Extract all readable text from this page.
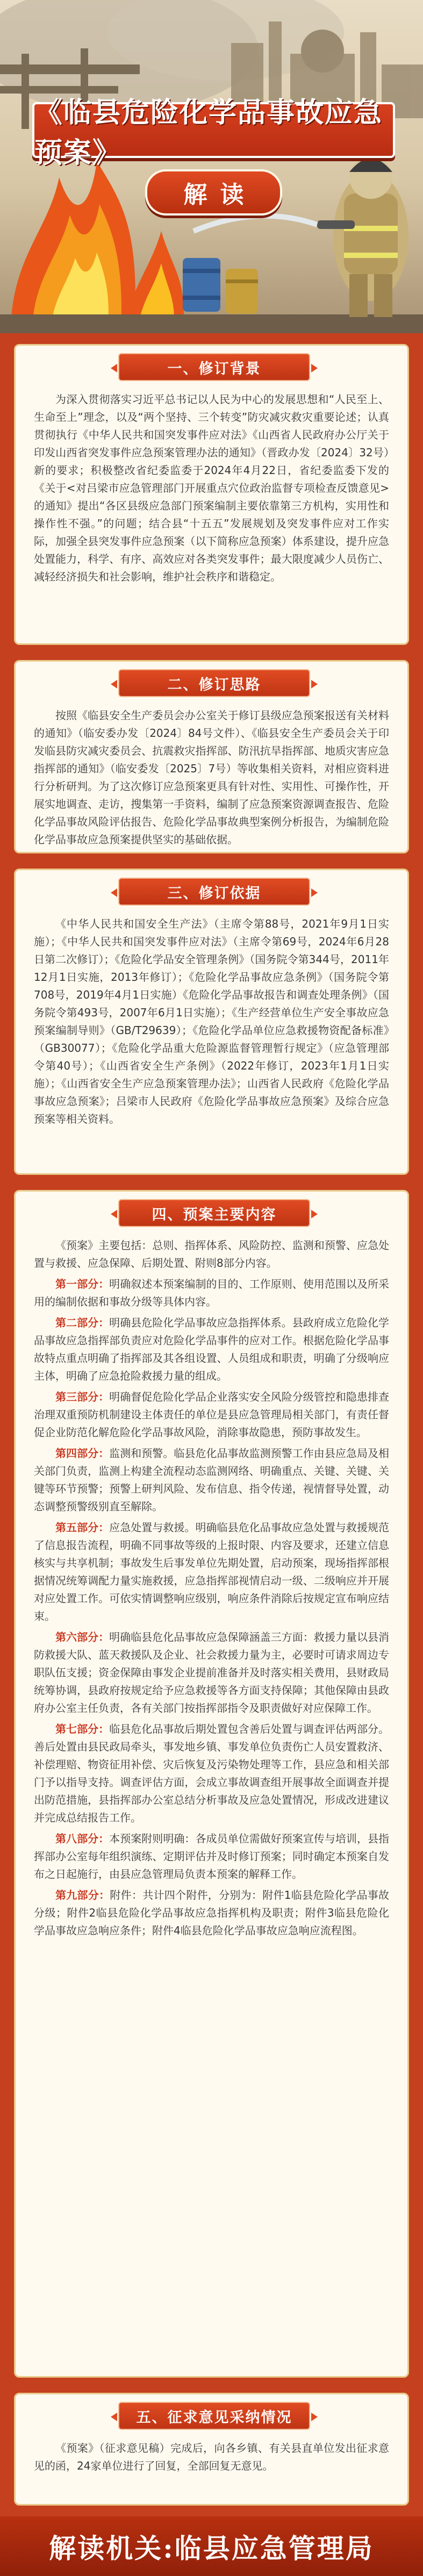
《临县危险化学品事故应急预案》
解读
一、修订背景

为深入贯彻落实习近平总书记以人民为中心的发展思想和“人民至上、生命至上”理念，以及“两个坚持、三个转变”防灾减灾救灾重要论述；认真贯彻执行《中华人民共和国突发事件应对法》《山西省人民政府办公厅关于印发山西省突发事件应急预案管理办法的通知》（晋政办发〔2024〕32号）新的要求；积极整改省纪委监委于2024年4月22日，省纪委监委下发的《关于<对吕梁市应急管理部门开展重点穴位政治监督专项检查反馈意见>的通知》提出“各区县级应急部门预案编制主要依靠第三方机构，实用性和操作性不强。”的问题；结合县“十五五”发展规划及突发事件应对工作实际，加强全县突发事件应急预案（以下简称应急预案）体系建设，提升应急处置能力，科学、有序、高效应对各类突发事件；最大限度减少人员伤亡、减轻经济损失和社会影响，维护社会秩序和谐稳定。

二、修订思路

按照《临县安全生产委员会办公室关于修订县级应急预案报送有关材料的通知》（临安委办发〔2024〕84号文件）、《临县安全生产委员会关于印发临县防灾减灾委员会、抗震救灾指挥部、防汛抗旱指挥部、地质灾害应急指挥部的通知》（临安委发〔2025〕7号）等收集相关资料，对相应资料进行分析研判。为了这次修订应急预案更具有针对性、实用性、可操作性，开展实地调查、走访，搜集第一手资料，编制了应急预案资源调查报告、危险化学品事故风险评估报告、危险化学品事故典型案例分析报告，为编制危险化学品事故应急预案提供坚实的基础依据。

三、修订依据

《中华人民共和国安全生产法》（主席令第88号，2021年9月1日实施）；《中华人民共和国突发事件应对法》（主席令第69号，2024年6月28日第二次修订）；《危险化学品安全管理条例》（国务院令第344号，2011年12月1日实施，2013年修订）；《危险化学品事故应急条例》（国务院令第708号，2019年4月1日实施）《危险化学品事故报告和调查处理条例》（国务院令第493号，2007年6月1日实施）；《生产经营单位生产安全事故应急预案编制导则》（GB/T29639）；《危险化学品单位应急救援物资配备标准》（GB30077）；《危险化学品重大危险源监督管理暂行规定》（应急管理部令第40号）；《山西省安全生产条例》（2022年修订，2023年1月1日实施）；《山西省安全生产应急预案管理办法》；山西省人民政府《危险化学品事故应急预案》；吕梁市人民政府《危险化学品事故应急预案》及综合应急预案等相关资料。

四、预案主要内容

《预案》主要包括：总则、指挥体系、风险防控、监测和预警、应急处置与救援、应急保障、后期处置、附则8部分内容。

第一部分：明确叙述本预案编制的目的、工作原则、使用范围以及所采用的编制依据和事故分级等具体内容。

第二部分：明确县危险化学品事故应急指挥体系。县政府成立危险化学品事故应急指挥部负责应对危险化学品事件的应对工作。根据危险化学品事故特点重点明确了指挥部及其各组设置、人员组成和职责，明确了分级响应主体，明确了应急抢险救援力量的组成。

第三部分：明确督促危险化学品企业落实安全风险分级管控和隐患排查治理双重预防机制建设主体责任的单位是县应急管理局相关部门，有责任督促企业防范化解危险化学品事故风险，消除事故隐患，预防事故发生。

第四部分：监测和预警。临县危化品事故监测预警工作由县应急局及相关部门负责，监测上构建全流程动态监测网络、明确重点、关键、关键、关键等环节预警；预警上研判风险、发布信息、指令传递，视情督导处置，动态调整预警级别直至解除。

第五部分：应急处置与救援。明确临县危化品事故应急处置与救援规范了信息报告流程，明确不同事故等级的上报时限、内容及要求，还建立信息核实与共享机制；事故发生后事发单位先期处置，启动预案，现场指挥部根据情况统筹调配力量实施救援，应急指挥部视情启动一级、二级响应并开展对应处置工作。可依实情调整响应级别，响应条件消除后按规定宣布响应结束。

第六部分：明确临县危化品事故应急保障涵盖三方面：救援力量以县消防救援大队、蓝天救援队及企业、社会救援力量为主，必要时可请求周边专职队伍支援；资金保障由事发企业提前准备并及时落实相关费用，县财政局统筹协调，县政府按规定给予应急救援等各方面支持保障；其他保障由县政府办公室主任负责，各有关部门按指挥部指令及职责做好对应保障工作。

第七部分：临县危化品事故后期处置包含善后处置与调查评估两部分。善后处置由县民政局牵头，事发地乡镇、事发单位负责伤亡人员安置救济、补偿理赔、物资征用补偿、灾后恢复及污染物处理等工作，县应急和相关部门予以指导支持。调查评估方面，会成立事故调查组开展事故全面调查并提出防范措施，县指挥部办公室总结分析事故及应急处置情况，形成改进建议并完成总结报告工作。

第八部分：本预案附则明确：各成员单位需做好预案宣传与培训，县指挥部办公室每年组织演练、定期评估并及时修订预案；同时确定本预案自发布之日起施行，由县应急管理局负责本预案的解释工作。

第九部分：附件：共计四个附件，分别为：附件1临县危险化学品事故分级；附件2临县危险化学品事故应急指挥机构及职责；附件3临县危险化学品事故应急响应条件；附件4临县危险化学品事故应急响应流程图。

五、征求意见采纳情况

《预案》（征求意见稿）完成后，向各乡镇、有关县直单位发出征求意见的函，24家单位进行了回复，全部回复无意见。

解读机关:临县应急管理局
